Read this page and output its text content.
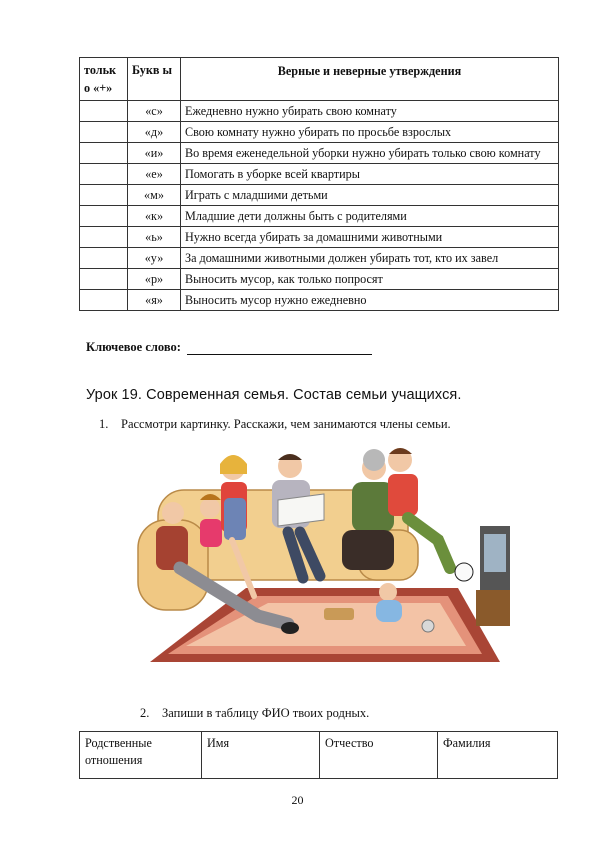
тольк о «+»	Букв ы	Верные и неверные утверждения
	«с»	Ежедневно нужно убирать свою комнату
	«д»	Свою комнату нужно убирать по просьбе взрослых
	«и»	Во время еженедельной уборки нужно убирать только свою комнату
	«е»	Помогать в уборке всей квартиры
	«м»	Играть с младшими детьми
	«к»	Младшие дети должны быть с родителями
	«ь»	Нужно всегда убирать за домашними животными
	«у»	За домашними животными должен убирать тот, кто их завел
	«р»	Выносить мусор, как только попросят
	«я»	Выносить мусор нужно ежедневно
Ключевое слово:
Урок 19. Современная семья. Состав семьи учащихся.
1. Рассмотри картинку. Расскажи, чем занимаются члены семьи.
2. Запиши в таблицу ФИО твоих родных.
Родственные отношения	Имя	Отчество	Фамилия
20
